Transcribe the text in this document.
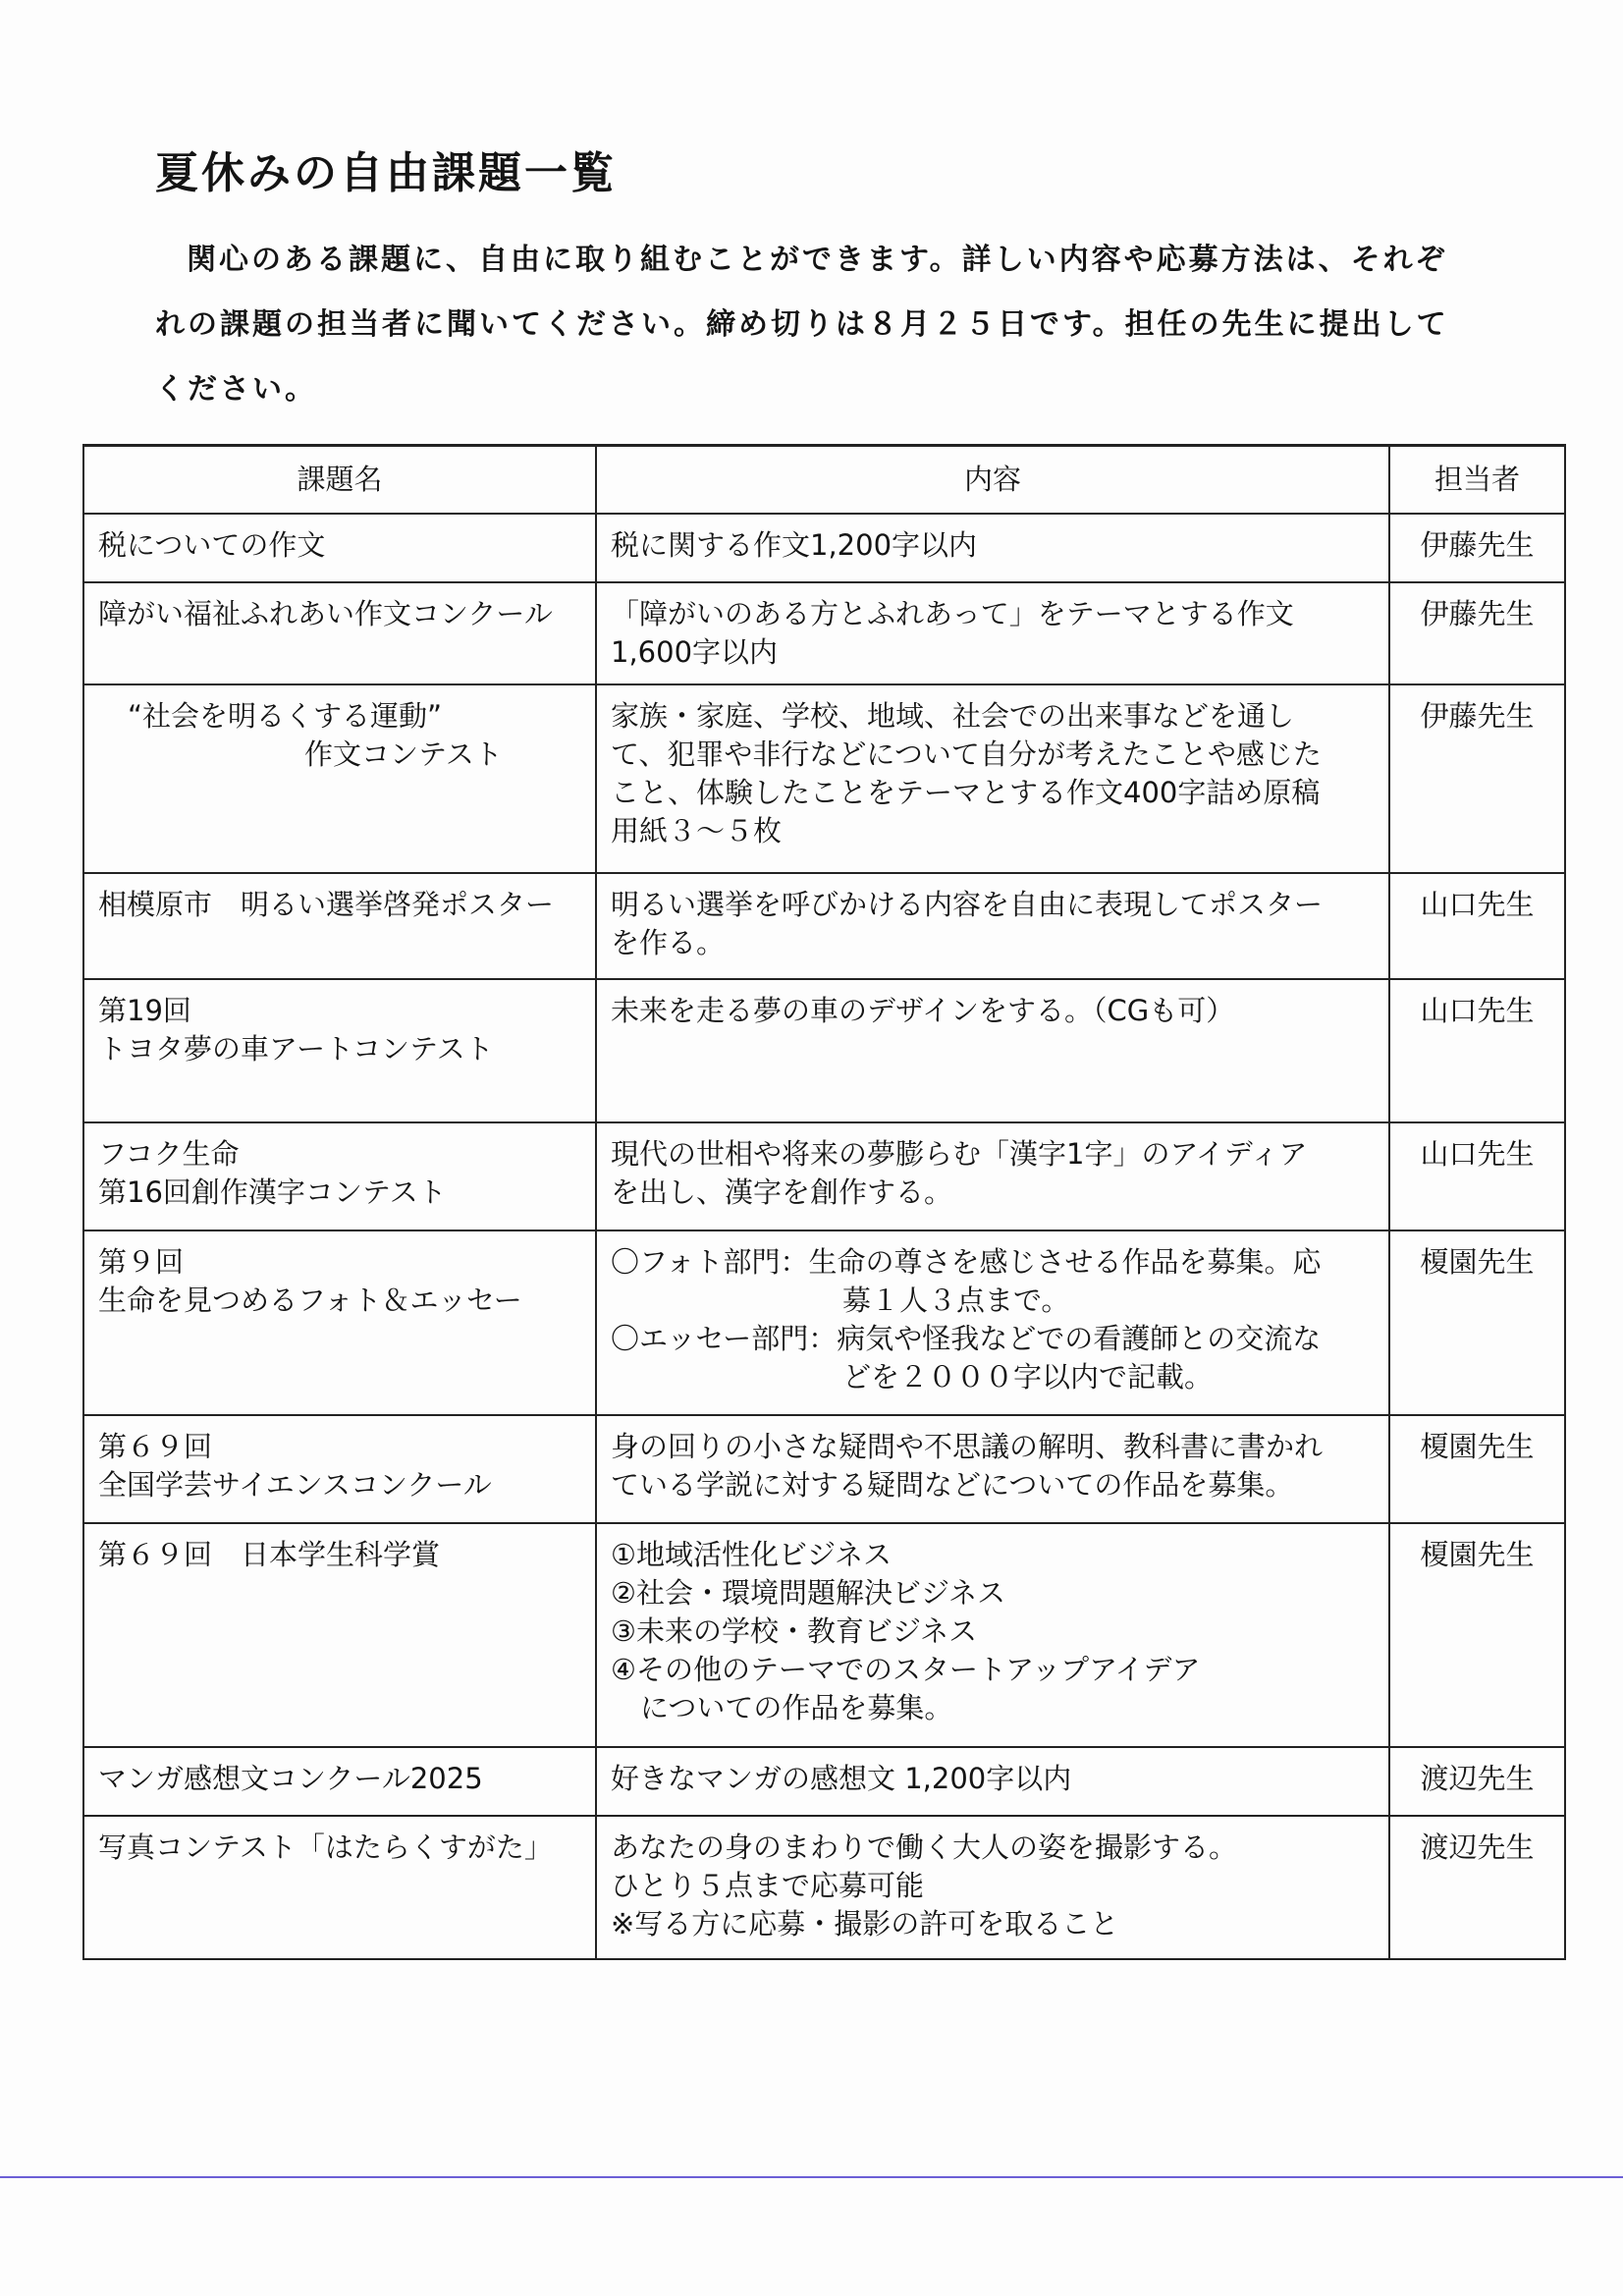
夏休みの自由課題一覧

関心のある課題に、自由に取り組むことができます。詳しい内容や応募方法は、それぞ
れの課題の担当者に聞いてください。締め切りは８月２５日です。担任の先生に提出して
ください。

課題名	内容	担当者

税についての作文	税に関する作文1,200字以内	伊藤先生

障がい福祉ふれあい作文コンクール	「障がいのある方とふれあって」をテーマとする作文
1,600字以内	伊藤先生

“社会を明るくする運動”
作文コンテスト	家族・家庭、学校、地域、社会での出来事などを通し
て、犯罪や非行などについて自分が考えたことや感じた
こと、体験したことをテーマとする作文400字詰め原稿
用紙３～５枚	伊藤先生

相模原市　明るい選挙啓発ポスター	明るい選挙を呼びかける内容を自由に表現してポスター
を作る。	山口先生

第19回
トヨタ夢の車アートコンテスト	未来を走る夢の車のデザインをする。（CGも可）	山口先生

フコク生命
第16回創作漢字コンテスト	現代の世相や将来の夢膨らむ「漢字1字」のアイディア
を出し、漢字を創作する。	山口先生

第９回
生命を見つめるフォト＆エッセー	〇フォト部門：生命の尊さを感じさせる作品を募集。応
募１人３点まで。
〇エッセー部門：病気や怪我などでの看護師との交流な
どを２０００字以内で記載。	榎園先生

第６９回
全国学芸サイエンスコンクール	身の回りの小さな疑問や不思議の解明、教科書に書かれ
ている学説に対する疑問などについての作品を募集。	榎園先生

第６９回　日本学生科学賞	①地域活性化ビジネス
②社会・環境問題解決ビジネス
③未来の学校・教育ビジネス
④その他のテーマでのスタートアップアイデア
についての作品を募集。	榎園先生

マンガ感想文コンクール2025	好きなマンガの感想文 1,200字以内	渡辺先生

写真コンテスト「はたらくすがた」	あなたの身のまわりで働く大人の姿を撮影する。
ひとり５点まで応募可能
※写る方に応募・撮影の許可を取ること	渡辺先生
